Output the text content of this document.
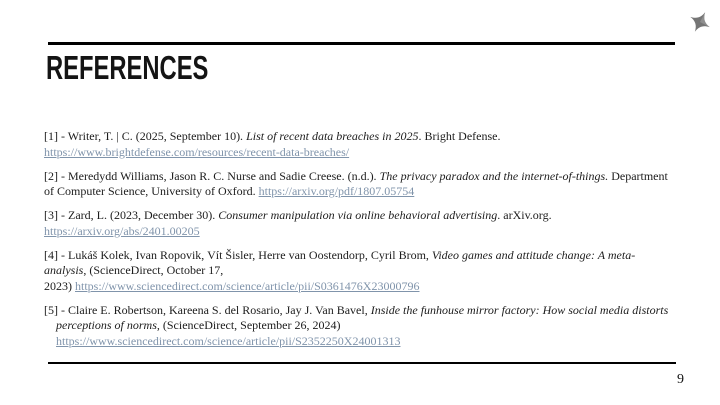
REFERENCES

[1] - Writer, T. | C. (2025, September 10). List of recent data breaches in 2025. Bright Defense.
https://www.brightdefense.com/resources/recent-data-breaches/

[2] - Meredydd Williams, Jason R. C. Nurse and Sadie Creese. (n.d.). The privacy paradox and the internet-of-things. Department of Computer Science, University of Oxford. https://arxiv.org/pdf/1807.05754

[3] - Zard, L. (2023, December 30). Consumer manipulation via online behavioral advertising. arXiv.org.
https://arxiv.org/abs/2401.00205

[4] - Lukáš Kolek, Ivan Ropovik, Vít Šisler, Herre van Oostendorp, Cyril Brom, Video games and attitude change: A meta-analysis, (ScienceDirect, October 17,
2023) https://www.sciencedirect.com/science/article/pii/S0361476X23000796

[5] - Claire E. Robertson, Kareena S. del Rosario, Jay J. Van Bavel, Inside the funhouse mirror factory: How social media distorts perceptions of norms, (ScienceDirect, September 26, 2024)
https://www.sciencedirect.com/science/article/pii/S2352250X24001313

9
